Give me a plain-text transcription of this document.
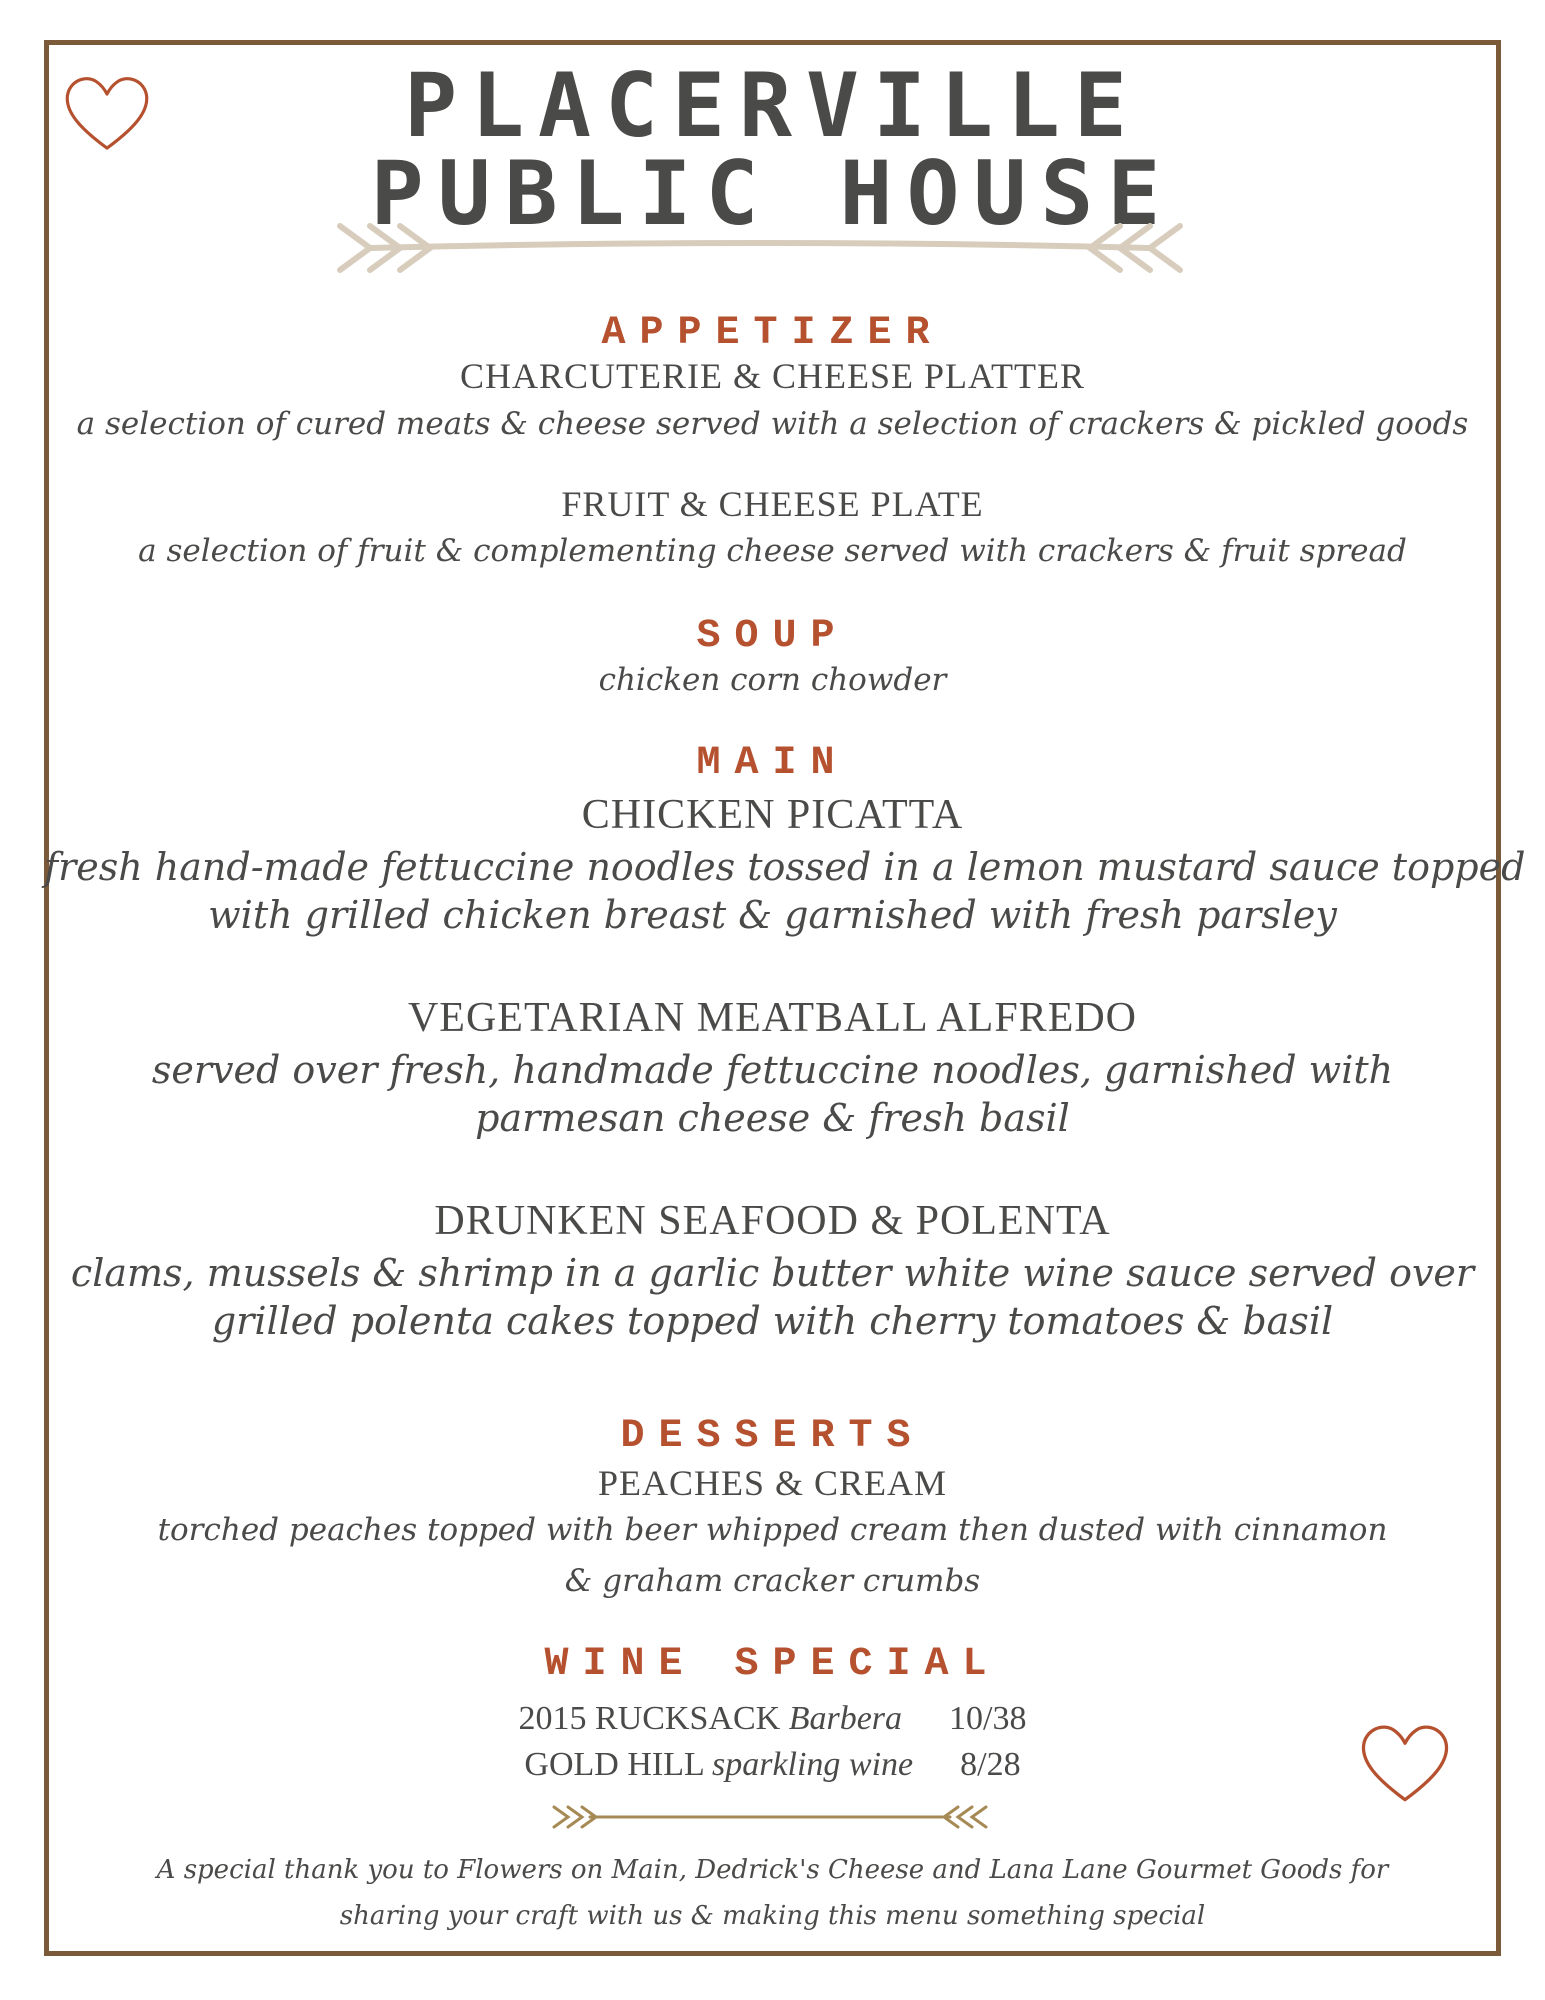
PLACERVILLE
PUBLIC HOUSE
APPETIZER
CHARCUTERIE & CHEESE PLATTER
a selection of cured meats & cheese served with a selection of crackers & pickled goods
FRUIT & CHEESE PLATE
a selection of fruit & complementing cheese served with crackers & fruit spread
SOUP
chicken corn chowder
MAIN
CHICKEN PICATTA
fresh hand-made fettuccine noodles tossed in a lemon mustard sauce topped
with grilled chicken breast & garnished with fresh parsley
VEGETARIAN MEATBALL ALFREDO
served over fresh, handmade fettuccine noodles, garnished with
parmesan cheese & fresh basil
DRUNKEN SEAFOOD & POLENTA
clams, mussels & shrimp in a garlic butter white wine sauce served over
grilled polenta cakes topped with cherry tomatoes & basil
DESSERTS
PEACHES & CREAM
torched peaches topped with beer whipped cream then dusted with cinnamon
& graham cracker crumbs
WINE SPECIAL
2015 RUCKSACK Barbera 10/38
GOLD HILL sparkling wine 8/28
A special thank you to Flowers on Main, Dedrick's Cheese and Lana Lane Gourmet Goods for
sharing your craft with us & making this menu something special
